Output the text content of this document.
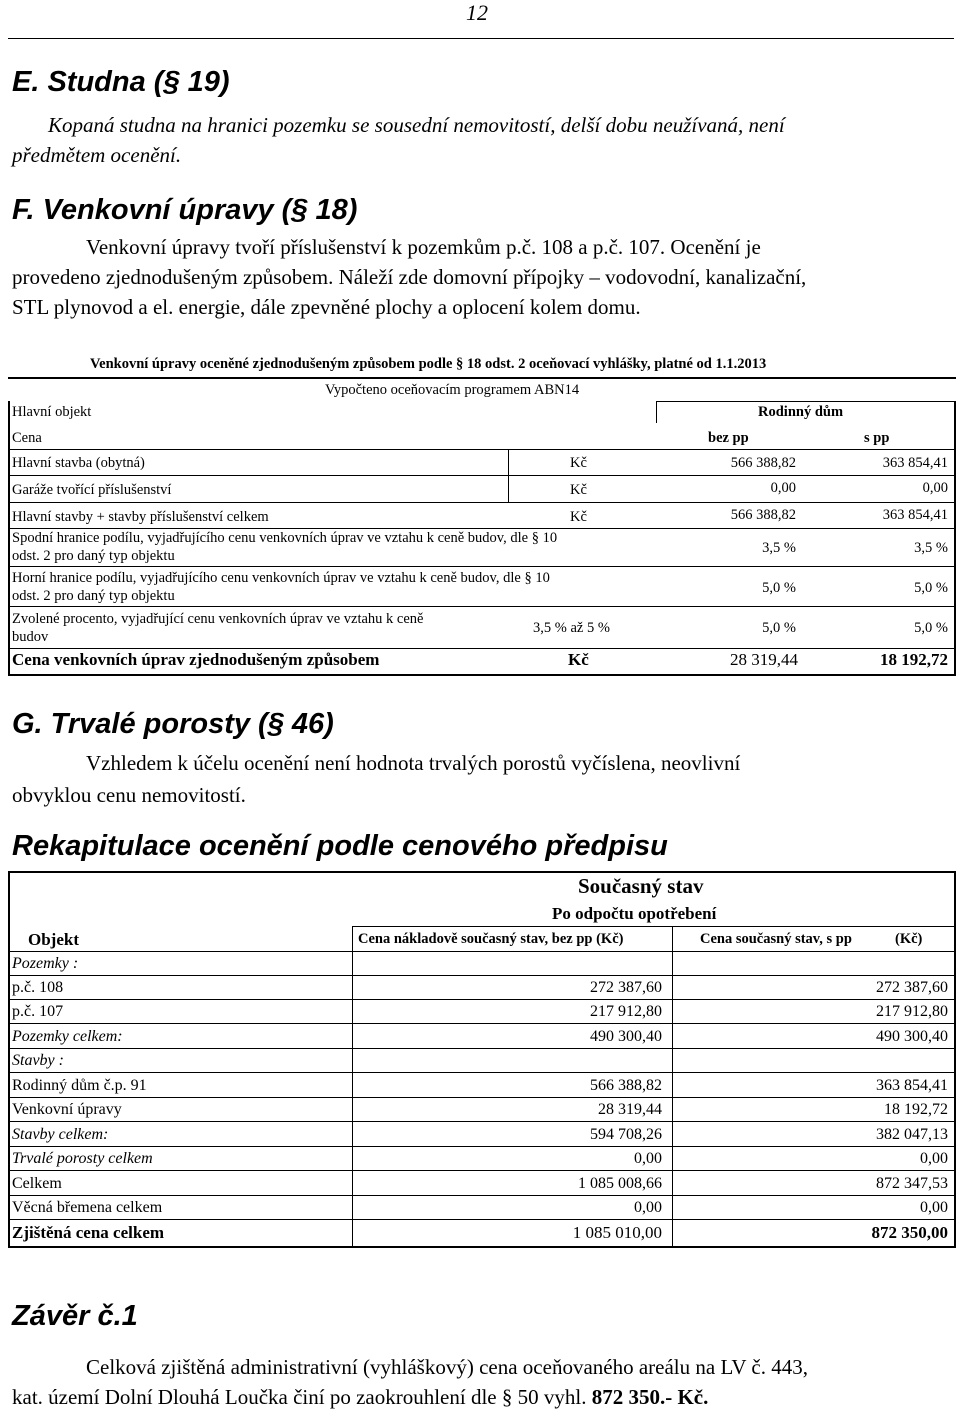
12
E. Studna (§ 19)
Kopaná studna na hranici pozemku se sousední nemovitostí, delší dobu neužívaná, není
předmětem ocenění.
F. Venkovní úpravy (§ 18)
Venkovní úpravy tvoří příslušenství k pozemkům p.č. 108 a p.č. 107. Ocenění je
provedeno zjednodušeným způsobem. Náleží zde domovní přípojky – vodovodní, kanalizační,
STL plynovod a el. energie, dále zpevněné plochy a oplocení kolem domu.
Venkovní úpravy oceněné zjednodušeným způsobem podle § 18 odst. 2 oceňovací vyhlášky, platné od 1.1.2013
Vypočteno oceňovacím programem ABN14
Hlavní objekt	Rodinný dům
Cena	bez pp	s pp
Hlavní stavba (obytná)	Kč	566 388,82	363 854,41
Garáže tvořící příslušenství	Kč	0,00	0,00
Hlavní stavby + stavby příslušenství celkem	Kč	566 388,82	363 854,41
Spodní hranice podílu, vyjadřujícího cenu venkovních úprav ve vztahu k ceně budov, dle § 10
odst. 2 pro daný typ objektu	3,5 %	3,5 %
Horní hranice podílu, vyjadřujícího cenu venkovních úprav ve vztahu k ceně budov, dle § 10
odst. 2 pro daný typ objektu	5,0 %	5,0 %
Zvolené procento, vyjadřující cenu venkovních úprav ve vztahu k ceně
budov
3,5 % až 5 %	5,0 %	5,0 %
Cena venkovních úprav zjednodušeným způsobem	Kč	28 319,44	18 192,72
G. Trvalé porosty (§ 46)
Vzhledem k účelu ocenění není hodnota trvalých porostů vyčíslena, neovlivní
obvyklou cenu nemovitostí.
Rekapitulace ocenění podle cenového předpisu
Současný stav
Po odpočtu opotřebení
Objekt	Cena nákladově současný stav, bez pp (Kč)	Cena současný stav, s pp	(Kč)
Pozemky :
p.č. 108	272 387,60	272 387,60
p.č. 107	217 912,80	217 912,80
Pozemky celkem:	490 300,40	490 300,40
Stavby :
Rodinný dům č.p. 91	566 388,82	363 854,41
Venkovní úpravy	28 319,44	18 192,72
Stavby celkem:	594 708,26	382 047,13
Trvalé porosty celkem	0,00	0,00
Celkem	1 085 008,66	872 347,53
Věcná břemena celkem	0,00	0,00
Zjištěná cena celkem	1 085 010,00	872 350,00
Závěr č.1
Celková zjištěná administrativní (vyhláškový) cena oceňovaného areálu na LV č. 443,
kat. území Dolní Dlouhá Loučka činí po zaokrouhlení dle § 50 vyhl. 872 350.- Kč.
